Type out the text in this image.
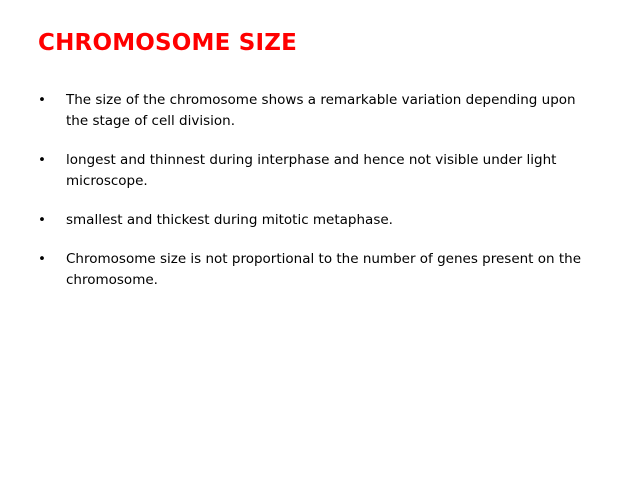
CHROMOSOME SIZE
• The size of the chromosome shows a remarkable variation depending upon the stage of cell division.
• longest and thinnest during interphase and hence not visible under light microscope.
• smallest and thickest during mitotic metaphase.
• Chromosome size is not proportional to the number of genes present on the chromosome.
